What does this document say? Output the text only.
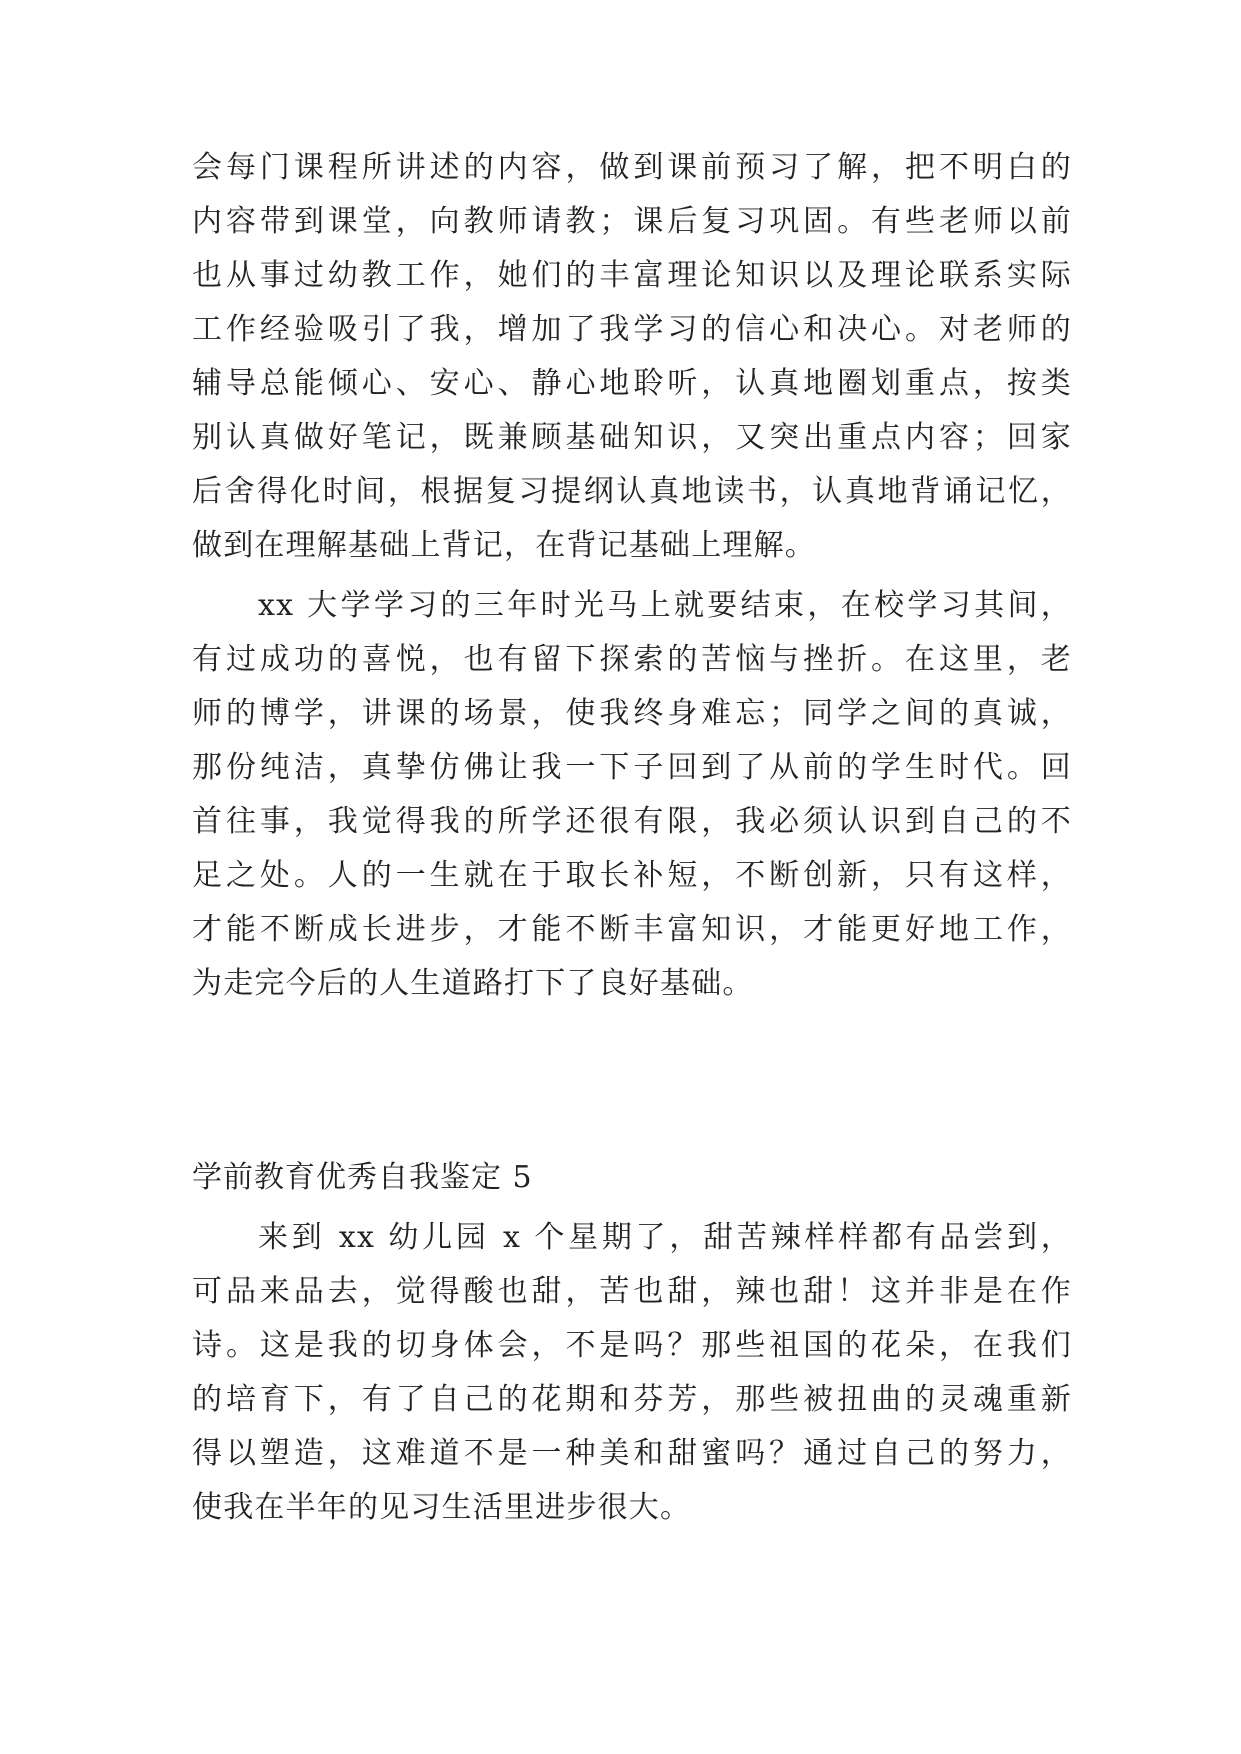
会每门课程所讲述的内容，做到课前预习了解，把不明白的
内容带到课堂，向教师请教；课后复习巩固。有些老师以前
也从事过幼教工作，她们的丰富理论知识以及理论联系实际
工作经验吸引了我，增加了我学习的信心和决心。对老师的
辅导总能倾心、安心、静心地聆听，认真地圈划重点，按类
别认真做好笔记，既兼顾基础知识，又突出重点内容；回家
后舍得化时间，根据复习提纲认真地读书，认真地背诵记忆，
做到在理解基础上背记，在背记基础上理解。
xx 大学学习的三年时光马上就要结束，在校学习其间，
有过成功的喜悦，也有留下探索的苦恼与挫折。在这里，老
师的博学，讲课的场景，使我终身难忘；同学之间的真诚，
那份纯洁，真挚仿佛让我一下子回到了从前的学生时代。回
首往事，我觉得我的所学还很有限，我必须认识到自己的不
足之处。人的一生就在于取长补短，不断创新，只有这样，
才能不断成长进步，才能不断丰富知识，才能更好地工作，
为走完今后的人生道路打下了良好基础。
学前教育优秀自我鉴定 5
来到 xx 幼儿园 x 个星期了，甜苦辣样样都有品尝到，
可品来品去，觉得酸也甜，苦也甜，辣也甜！这并非是在作
诗。这是我的切身体会，不是吗？那些祖国的花朵，在我们
的培育下，有了自己的花期和芬芳，那些被扭曲的灵魂重新
得以塑造，这难道不是一种美和甜蜜吗？通过自己的努力，
使我在半年的见习生活里进步很大。
